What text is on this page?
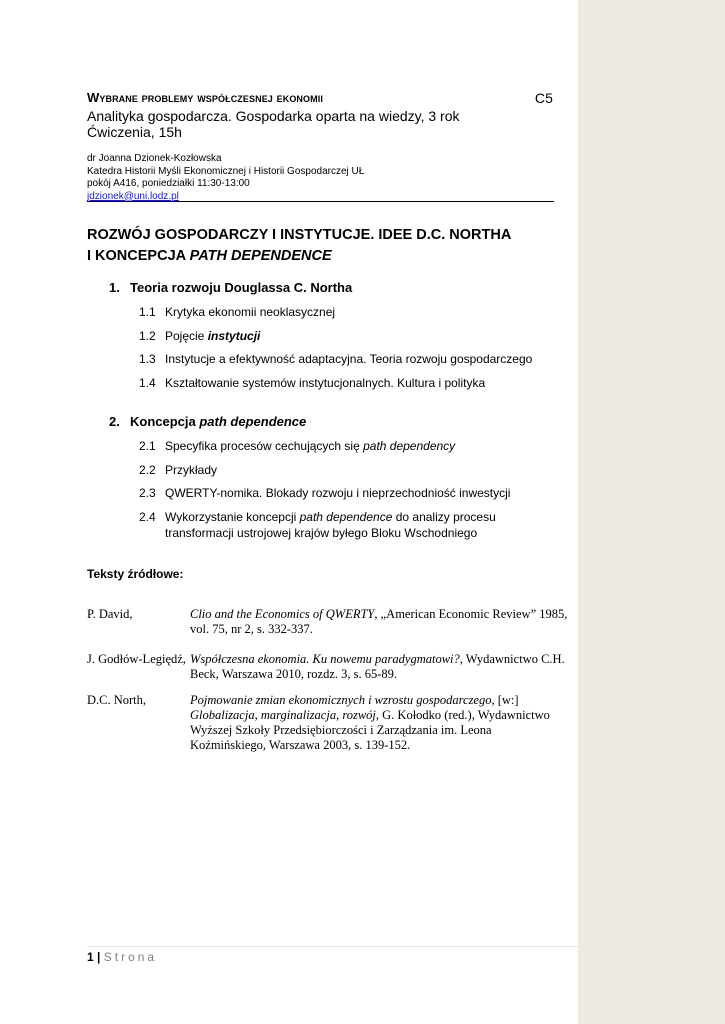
Wybrane problemy współczesnej ekonomii	C5
Analityka gospodarcza. Gospodarka oparta na wiedzy, 3 rok
Ćwiczenia, 15h
dr Joanna Dzionek-Kozłowska
Katedra Historii Myśli Ekonomicznej i Historii Gospodarczej UŁ
pokój A416, poniedziałki 11:30-13:00
jdzionek@uni.lodz.pl
ROZWÓJ GOSPODARCZY I INSTYTUCJE. IDEE D.C. NORTHA
I KONCEPCJA PATH DEPENDENCE
1. Teoria rozwoju Douglassa C. Northa
1.1 Krytyka ekonomii neoklasycznej
1.2 Pojęcie instytucji
1.3 Instytucje a efektywność adaptacyjna. Teoria rozwoju gospodarczego
1.4 Kształtowanie systemów instytucjonalnych. Kultura i polityka
2. Koncepcja path dependence
2.1 Specyfika procesów cechujących się path dependency
2.2 Przykłady
2.3 QWERTY-nomika. Blokady rozwoju i nieprzechodniość inwestycji
2.4 Wykorzystanie koncepcji path dependence do analizy procesu
transformacji ustrojowej krajów byłego Bloku Wschodniego
Teksty źródłowe:
P. David,	Clio and the Economics of QWERTY, „American Economic Review” 1985, vol. 75, nr 2, s. 332-337.
J. Godłów-Legiędź, Współczesna ekonomia. Ku nowemu paradygmatowi?, Wydawnictwo C.H. Beck, Warszawa 2010, rozdz. 3, s. 65-89.
D.C. North,	Pojmowanie zmian ekonomicznych i wzrostu gospodarczego, [w:] Globalizacja, marginalizacja, rozwój, G. Kołodko (red.), Wydawnictwo Wyższej Szkoły Przedsiębiorczości i Zarządzania im. Leona Koźmińskiego, Warszawa 2003, s. 139-152.
1 | Strona
